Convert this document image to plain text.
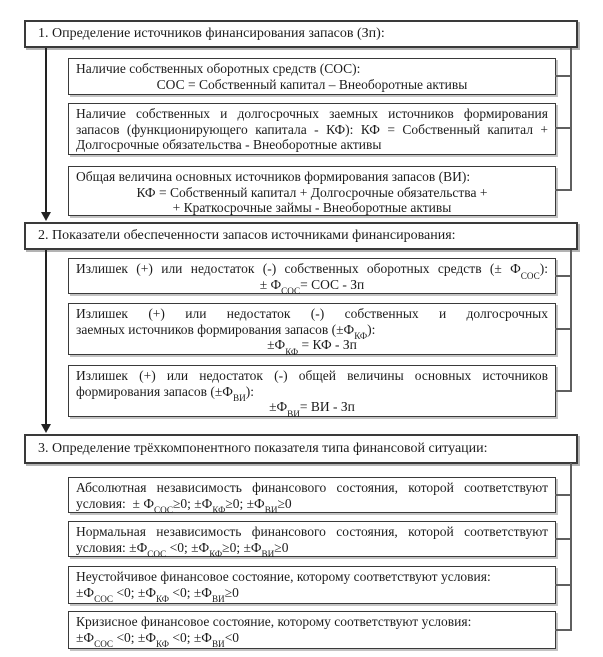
1. Определение источников финансирования запасов (Зп):
Наличие собственных оборотных средств (СОС):
СОС = Собственный капитал – Внеоборотные активы
Наличие собственных и долгосрочных заемных источников формирования
запасов (функционирующего капитала - КФ): КФ = Собственный капитал +
Долгосрочные обязательства - Внеоборотные активы
Общая величина основных источников формирования запасов (ВИ):
КФ = Собственный капитал + Долгосрочные обязательства +
+ Краткосрочные займы - Внеоборотные активы
2. Показатели обеспеченности запасов источниками финансирования:
Излишек (+) или недостаток (-) собственных оборотных средств (± $Ф_{СОС}$):
± $Ф_{СОС}=$ СОС - Зп
Излишек (+) или недостаток (-) собственных и долгосрочных
заемных источников формирования запасов $(\pm Ф_{КФ})$:
$\pm Ф_{КФ}$ = КФ - Зп
Излишек (+) или недостаток (-) общей величины основных источников
формирования запасов $(\pm Ф_{ВИ})$:
$\pm Ф_{ВИ}=$ ВИ - Зп
3. Определение трёхкомпонентного показателя типа финансовой ситуации:
Абсолютная независимость финансового состояния, которой соответствуют
условия:  ± $Ф_{СОС}\ge 0$; $\pm Ф_{КФ}\ge 0$; $\pm Ф_{ВИ}\ge 0$
Нормальная независимость финансового состояния, которой соответствуют
условия: $\pm Ф_{СОС} <0$; $\pm Ф_{КФ}\ge 0$; $\pm Ф_{ВИ}\ge 0$
Неустойчивое финансовое состояние, которому соответствуют условия:
$\pm Ф_{СОС} <0$; $\pm Ф_{КФ} <0$; $\pm Ф_{ВИ}\ge 0$
Кризисное финансовое состояние, которому соответствуют условия:
$\pm Ф_{СОС} <0$; $\pm Ф_{КФ} <0$; $\pm Ф_{ВИ}<0$
